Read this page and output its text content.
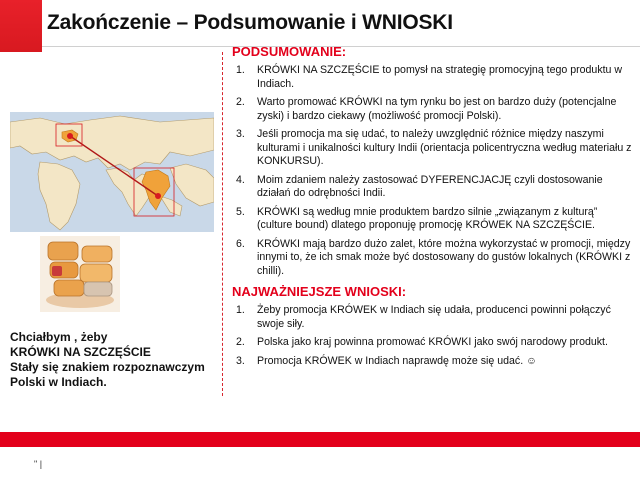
Zakończenie – Podsumowanie i WNIOSKI
Chciałbym , żeby
KRÓWKI NA SZCZĘŚCIE
Stały się znakiem rozpoznawczym
Polski w Indiach.
PODSUMOWANIE:
1. KRÓWKI NA SZCZĘŚCIE to pomysł na strategię promocyjną tego produktu w Indiach.
2. Warto promować KRÓWKI na tym rynku bo jest on bardzo duży (potencjalne zyski) i bardzo ciekawy (możliwość promocji Polski).
3. Jeśli promocja ma się udać, to należy uwzględnić różnice między naszymi kulturami i unikalności kultury Indii (orientacja policentryczna według materiału z KONKURSU).
4. Moim zdaniem należy zastosować DYFERENCJACJĘ czyli dostosowanie działań do odrębności Indii.
5. KRÓWKI są według mnie produktem bardzo silnie „związanym z kulturą” (culture bound) dlatego proponuję promocję KRÓWEK NA SZCZĘŚCIE.
6. KRÓWKI mają bardzo dużo zalet, które można wykorzystać w promocji, między innymi to, że ich smak może być dostosowany do gustów lokalnych (KRÓWKI z chilli).
NAJWAŻNIEJSZE WNIOSKI:
1. Żeby promocja KRÓWEK w Indiach się udała, producenci powinni połączyć swoje siły.
2. Polska jako kraj powinna promować KRÓWKI jako swój narodowy produkt.
3. Promocja KRÓWEK w Indiach naprawdę może się udać. ☺
" |
